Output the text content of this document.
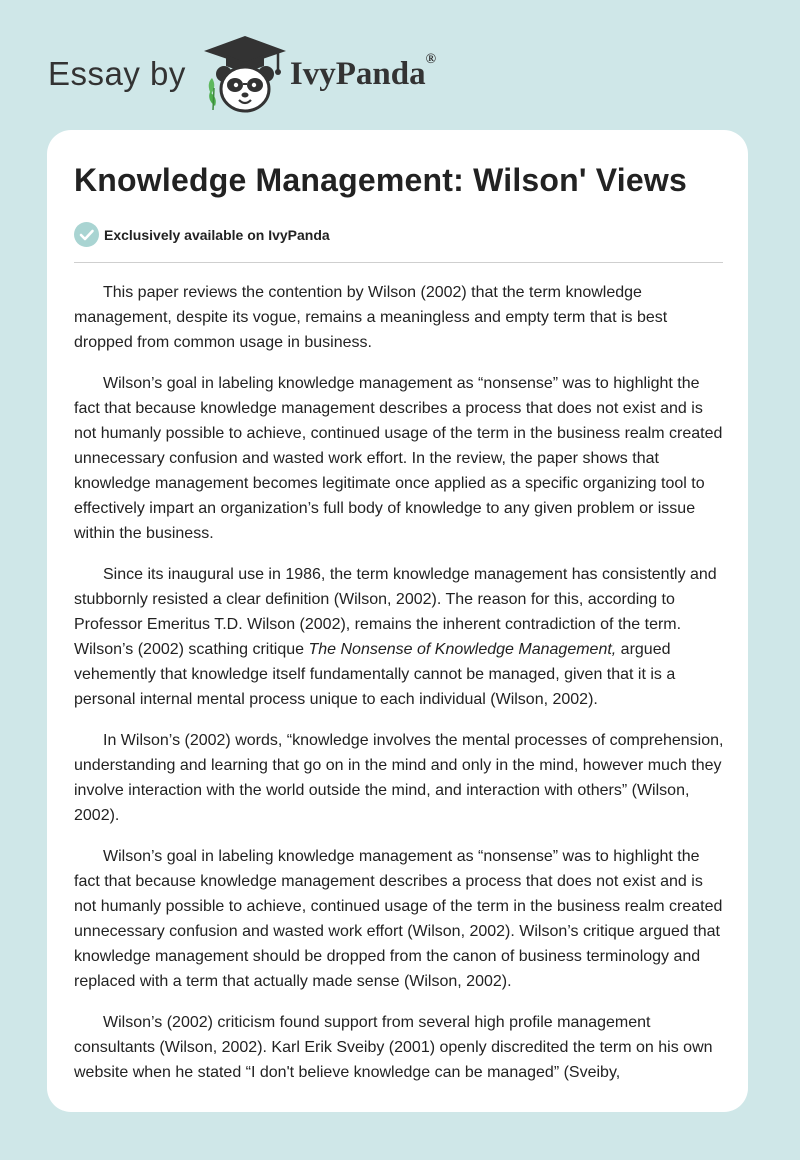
Essay by	IvyPanda®
Knowledge Management: Wilson' Views
Exclusively available on IvyPanda

This paper reviews the contention by Wilson (2002) that the term knowledge management, despite its vogue, remains a meaningless and empty term that is best dropped from common usage in business.

Wilson’s goal in labeling knowledge management as “nonsense” was to highlight the fact that because knowledge management describes a process that does not exist and is not humanly possible to achieve, continued usage of the term in the business realm created unnecessary confusion and wasted work effort. In the review, the paper shows that knowledge management becomes legitimate once applied as a specific organizing tool to effectively impart an organization’s full body of knowledge to any given problem or issue within the business.

Since its inaugural use in 1986, the term knowledge management has consistently and stubbornly resisted a clear definition (Wilson, 2002). The reason for this, according to Professor Emeritus T.D. Wilson (2002), remains the inherent contradiction of the term. Wilson’s (2002) scathing critique The Nonsense of Knowledge Management, argued vehemently that knowledge itself fundamentally cannot be managed, given that it is a personal internal mental process unique to each individual (Wilson, 2002).

In Wilson’s (2002) words, “knowledge involves the mental processes of comprehension, understanding and learning that go on in the mind and only in the mind, however much they involve interaction with the world outside the mind, and interaction with others” (Wilson, 2002).

Wilson’s goal in labeling knowledge management as “nonsense” was to highlight the fact that because knowledge management describes a process that does not exist and is not humanly possible to achieve, continued usage of the term in the business realm created unnecessary confusion and wasted work effort (Wilson, 2002). Wilson’s critique argued that knowledge management should be dropped from the canon of business terminology and replaced with a term that actually made sense (Wilson, 2002).

Wilson’s (2002) criticism found support from several high profile management consultants (Wilson, 2002). Karl Erik Sveiby (2001) openly discredited the term on his own website when he stated “I don't believe knowledge can be managed” (Sveiby,
